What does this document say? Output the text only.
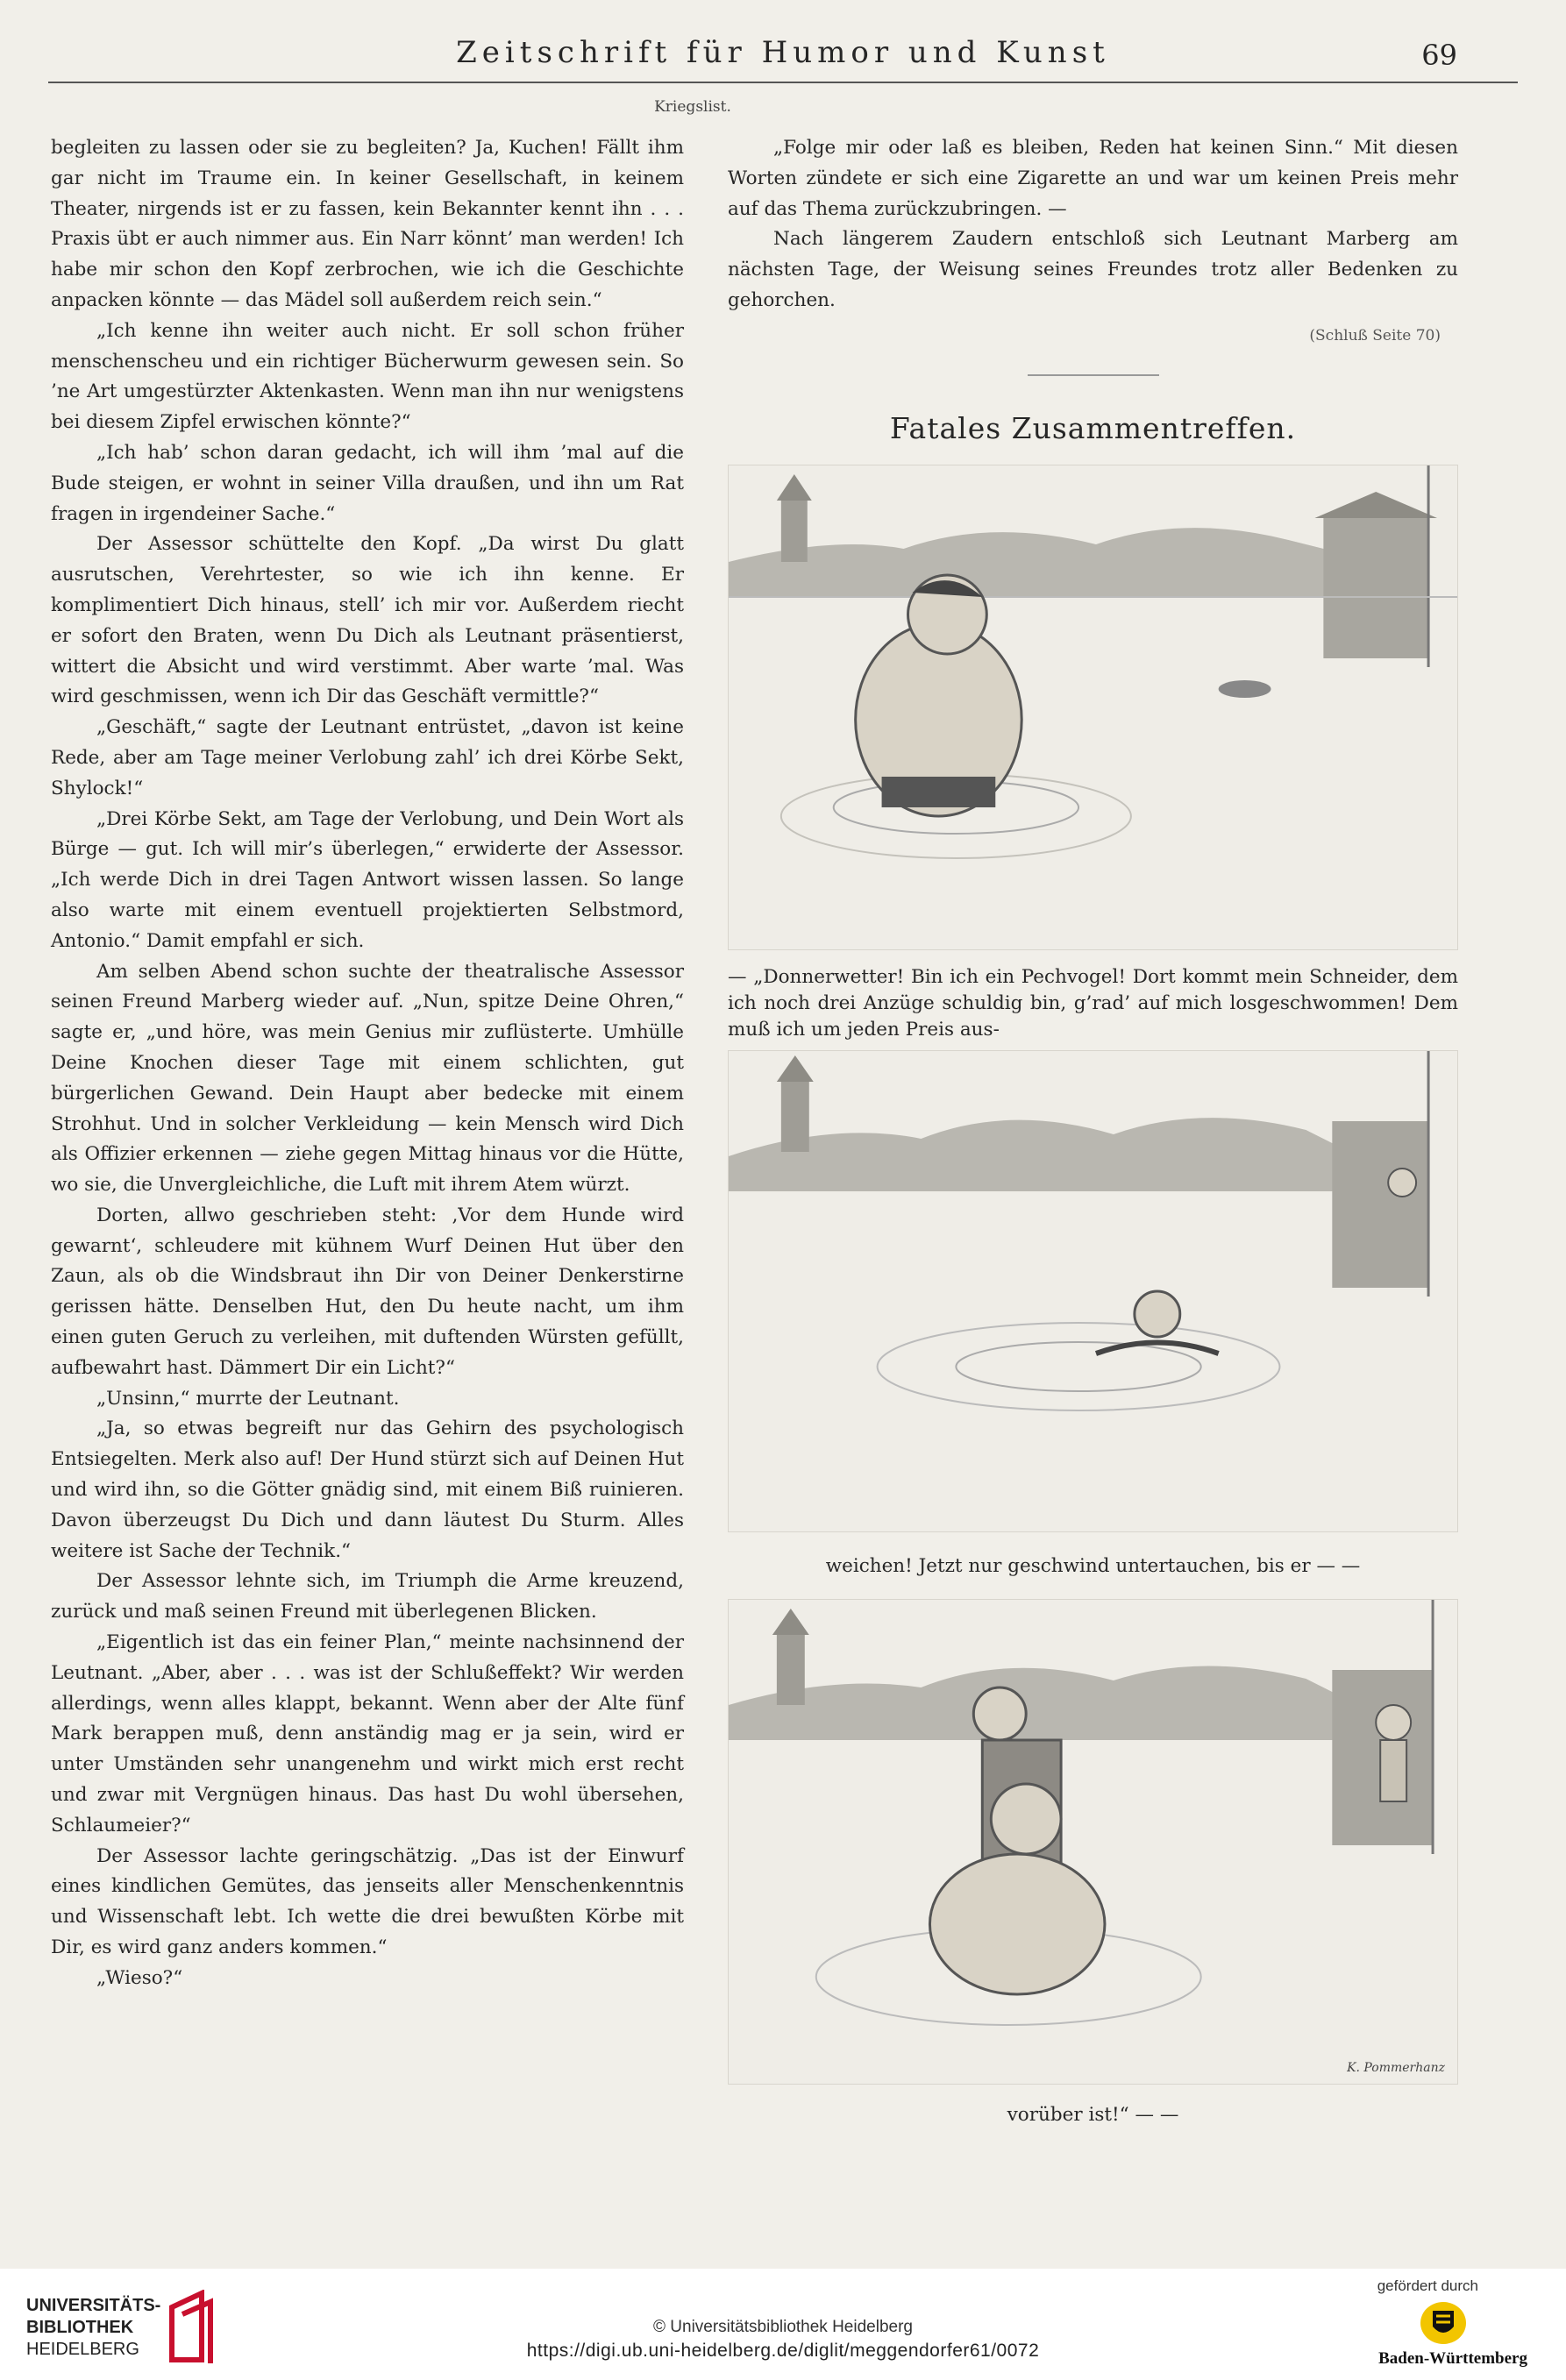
Zeitschrift für Humor und Kunst	69
Kriegslist.

begleiten zu lassen oder sie zu begleiten? Ja, Kuchen! Fällt ihm gar nicht im Traume ein. In keiner Gesellschaft, in keinem Theater, nirgends ist er zu fassen, kein Bekannter kennt ihn . . . Praxis übt er auch nimmer aus. Ein Narr könnt’ man werden! Ich habe mir schon den Kopf zerbrochen, wie ich die Geschichte anpacken könnte — das Mädel soll außerdem reich sein.“

„Ich kenne ihn weiter auch nicht. Er soll schon früher menschenscheu und ein richtiger Bücherwurm gewesen sein. So ’ne Art umgestürzter Aktenkasten. Wenn man ihn nur wenigstens bei diesem Zipfel erwischen könnte?“

„Ich hab’ schon daran gedacht, ich will ihm ’mal auf die Bude steigen, er wohnt in seiner Villa draußen, und ihn um Rat fragen in irgendeiner Sache.“

Der Assessor schüttelte den Kopf. „Da wirst Du glatt ausrutschen, Verehrtester, so wie ich ihn kenne. Er komplimentiert Dich hinaus, stell’ ich mir vor. Außerdem riecht er sofort den Braten, wenn Du Dich als Leutnant präsentierst, wittert die Absicht und wird verstimmt. Aber warte ’mal. Was wird geschmissen, wenn ich Dir das Geschäft vermittle?“

„Geschäft,“ sagte der Leutnant entrüstet, „davon ist keine Rede, aber am Tage meiner Verlobung zahl’ ich drei Körbe Sekt, Shylock!“

„Drei Körbe Sekt, am Tage der Verlobung, und Dein Wort als Bürge — gut. Ich will mir’s überlegen,“ erwiderte der Assessor. „Ich werde Dich in drei Tagen Antwort wissen lassen. So lange also warte mit einem eventuell projektierten Selbstmord, Antonio.“ Damit empfahl er sich.

Am selben Abend schon suchte der theatralische Assessor seinen Freund Marberg wieder auf. „Nun, spitze Deine Ohren,“ sagte er, „und höre, was mein Genius mir zuflüsterte. Umhülle Deine Knochen dieser Tage mit einem schlichten, gut bürgerlichen Gewand. Dein Haupt aber bedecke mit einem Strohhut. Und in solcher Verkleidung — kein Mensch wird Dich als Offizier erkennen — ziehe gegen Mittag hinaus vor die Hütte, wo sie, die Unvergleichliche, die Luft mit ihrem Atem würzt.

Dorten, allwo geschrieben steht: ‚Vor dem Hunde wird gewarnt‘, schleudere mit kühnem Wurf Deinen Hut über den Zaun, als ob die Windsbraut ihn Dir von Deiner Denkerstirne gerissen hätte. Denselben Hut, den Du heute nacht, um ihm einen guten Geruch zu verleihen, mit duftenden Würsten gefüllt, aufbewahrt hast. Dämmert Dir ein Licht?“

„Unsinn,“ murrte der Leutnant.

„Ja, so etwas begreift nur das Gehirn des psychologisch Entsiegelten. Merk also auf! Der Hund stürzt sich auf Deinen Hut und wird ihn, so die Götter gnädig sind, mit einem Biß ruinieren. Davon überzeugst Du Dich und dann läutest Du Sturm. Alles weitere ist Sache der Technik.“

Der Assessor lehnte sich, im Triumph die Arme kreuzend, zurück und maß seinen Freund mit überlegenen Blicken.

„Eigentlich ist das ein feiner Plan,“ meinte nachsinnend der Leutnant. „Aber, aber . . . was ist der Schlußeffekt? Wir werden allerdings, wenn alles klappt, bekannt. Wenn aber der Alte fünf Mark berappen muß, denn anständig mag er ja sein, wird er unter Umständen sehr unangenehm und wirkt mich erst recht und zwar mit Vergnügen hinaus. Das hast Du wohl übersehen, Schlaumeier?“

Der Assessor lachte geringschätzig. „Das ist der Einwurf eines kindlichen Gemütes, das jenseits aller Menschenkenntnis und Wissenschaft lebt. Ich wette die drei bewußten Körbe mit Dir, es wird ganz anders kommen.“

„Wieso?“

„Folge mir oder laß es bleiben, Reden hat keinen Sinn.“ Mit diesen Worten zündete er sich eine Zigarette an und war um keinen Preis mehr auf das Thema zurückzubringen. —

Nach längerem Zaudern entschloß sich Leutnant Marberg am nächsten Tage, der Weisung seines Freundes trotz aller Bedenken zu gehorchen.

(Schluß Seite 70)
Fatales Zusammentreffen.

— „Donnerwetter! Bin ich ein Pechvogel! Dort kommt mein Schneider, dem ich noch drei Anzüge schuldig bin, g’rad’ auf mich losgeschwommen! Dem muß ich um jeden Preis aus-

weichen! Jetzt nur geschwind untertauchen, bis er — —

K. Pommerhanz

vorüber ist!“ — —

UNIVERSITÄTS-
BIBLIOTHEK
HEIDELBERG
© Universitätsbibliothek Heidelberg
https://digi.ub.uni-heidelberg.de/diglit/meggendorfer61/0072
gefördert durch
Baden-Württemberg
